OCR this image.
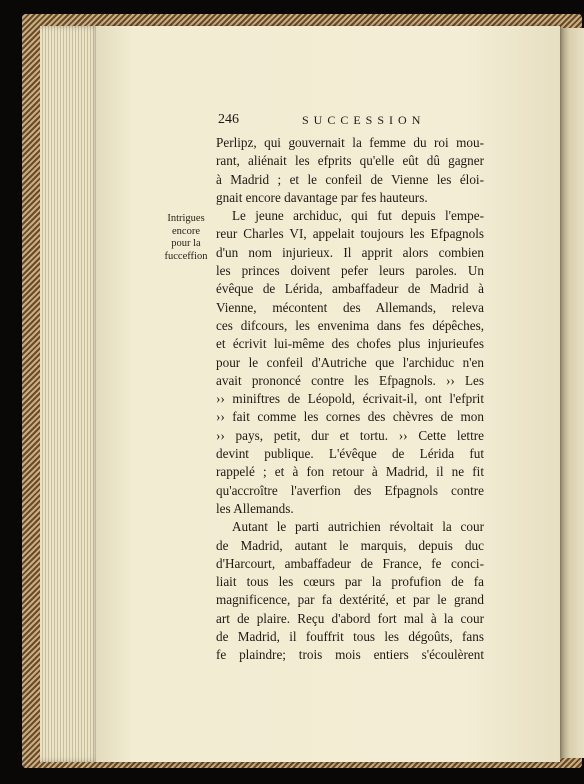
246	SUCCESSION
Intrigues
encore
pour la
fucceffion
Perlipz, qui gouvernait la femme du roi mou-
rant, aliénait les efprits qu'elle eût dû gagner
à Madrid ; et le confeil de Vienne les éloi-
gnait encore davantage par fes hauteurs.
Le jeune archiduc, qui fut depuis l'empe-
reur Charles VI, appelait toujours les Efpagnols
d'un nom injurieux. Il apprit alors combien
les princes doivent pefer leurs paroles. Un
évêque de Lérida, ambaffadeur de Madrid à
Vienne, mécontent des Allemands, releva
ces difcours, les envenima dans fes dépêches,
et écrivit lui-même des chofes plus injurieufes
pour le confeil d'Autriche que l'archiduc n'en
avait prononcé contre les Efpagnols. ›› Les
›› miniftres de Léopold, écrivait-il, ont l'efprit
›› fait comme les cornes des chèvres de mon
›› pays, petit, dur et tortu. ›› Cette lettre
devint publique. L'évêque de Lérida fut
rappelé ; et à fon retour à Madrid, il ne fit
qu'accroître l'averfion des Efpagnols contre
les Allemands.
Autant le parti autrichien révoltait la cour
de Madrid, autant le marquis, depuis duc
d'Harcourt, ambaffadeur de France, fe conci-
liait tous les cœurs par la profufion de fa
magnificence, par fa dextérité, et par le grand
art de plaire. Reçu d'abord fort mal à la cour
de Madrid, il fouffrit tous les dégoûts, fans
fe plaindre; trois mois entiers s'écoulèrent
